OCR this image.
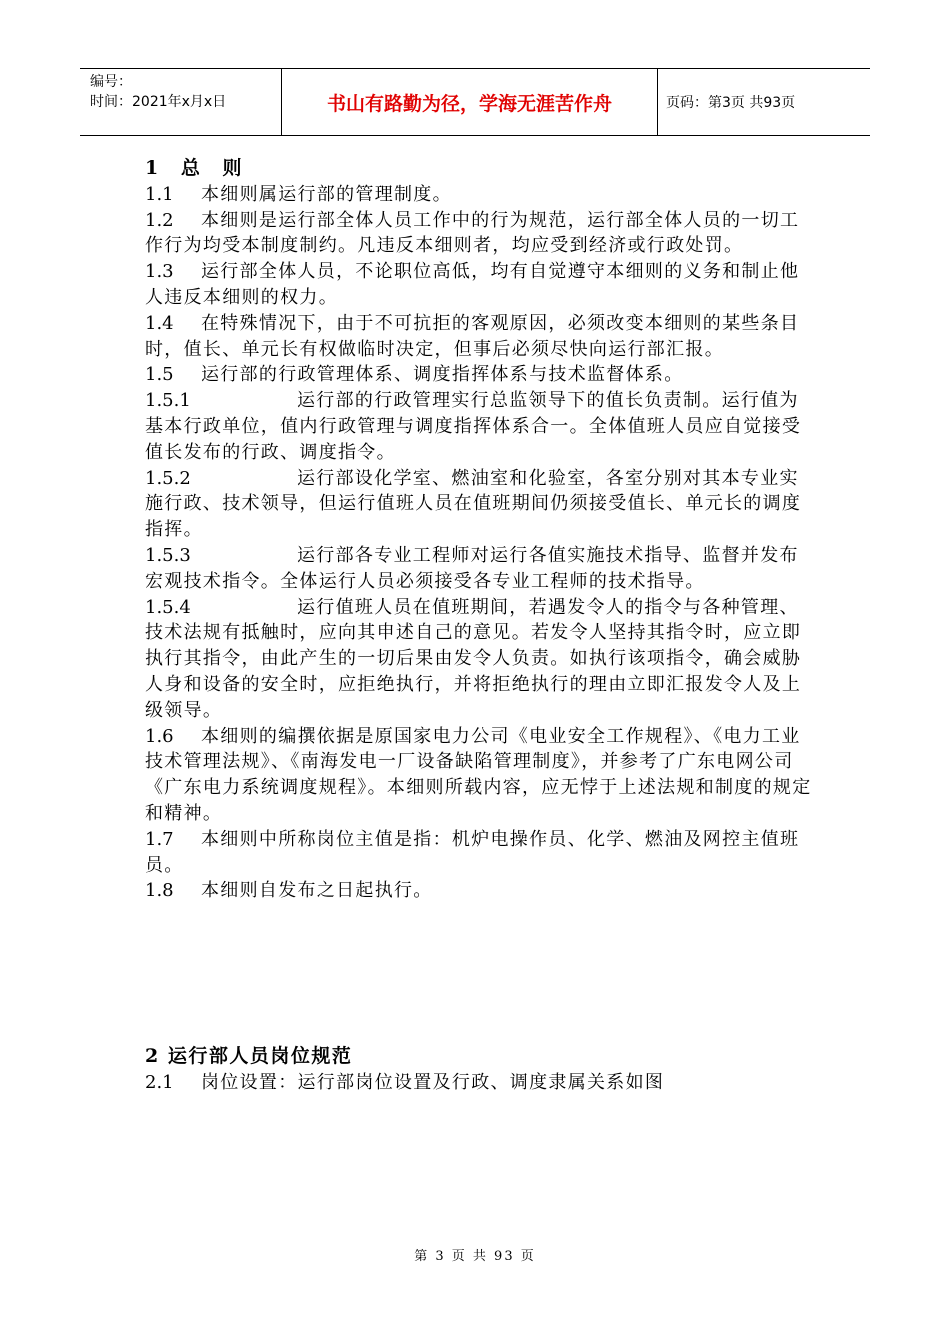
编号：
时间：2021年x月x日	书山有路勤为径，学海无涯苦作舟	页码：第3页 共93页

1 总 则

1.1 本细则属运行部的管理制度。

1.2 本细则是运行部全体人员工作中的行为规范，运行部全体人员的一切工作行为均受本制度制约。凡违反本细则者，均应受到经济或行政处罚。

1.3 运行部全体人员，不论职位高低，均有自觉遵守本细则的义务和制止他人违反本细则的权力。

1.4 在特殊情况下，由于不可抗拒的客观原因，必须改变本细则的某些条目时，值长、单元长有权做临时决定，但事后必须尽快向运行部汇报。

1.5 运行部的行政管理体系、调度指挥体系与技术监督体系。

1.5.1	运行部的行政管理实行总监领导下的值长负责制。运行值为基本行政单位，值内行政管理与调度指挥体系合一。全体值班人员应自觉接受值长发布的行政、调度指令。

1.5.2	运行部设化学室、燃油室和化验室，各室分别对其本专业实施行政、技术领导，但运行值班人员在值班期间仍须接受值长、单元长的调度指挥。

1.5.3	运行部各专业工程师对运行各值实施技术指导、监督并发布宏观技术指令。全体运行人员必须接受各专业工程师的技术指导。

1.5.4	运行值班人员在值班期间，若遇发令人的指令与各种管理、技术法规有抵触时，应向其申述自己的意见。若发令人坚持其指令时，应立即执行其指令，由此产生的一切后果由发令人负责。如执行该项指令，确会威胁人身和设备的安全时，应拒绝执行，并将拒绝执行的理由立即汇报发令人及上级领导。

1.6 本细则的编撰依据是原国家电力公司《电业安全工作规程》、《电力工业技术管理法规》、《南海发电一厂设备缺陷管理制度》，并参考了广东电网公司《广东电力系统调度规程》。本细则所载内容，应无悖于上述法规和制度的规定和精神。

1.7 本细则中所称岗位主值是指：机炉电操作员、化学、燃油及网控主值班员。

1.8 本细则自发布之日起执行。

2 运行部人员岗位规范

2.1 岗位设置：运行部岗位设置及行政、调度隶属关系如图

第 3 页 共 93 页
